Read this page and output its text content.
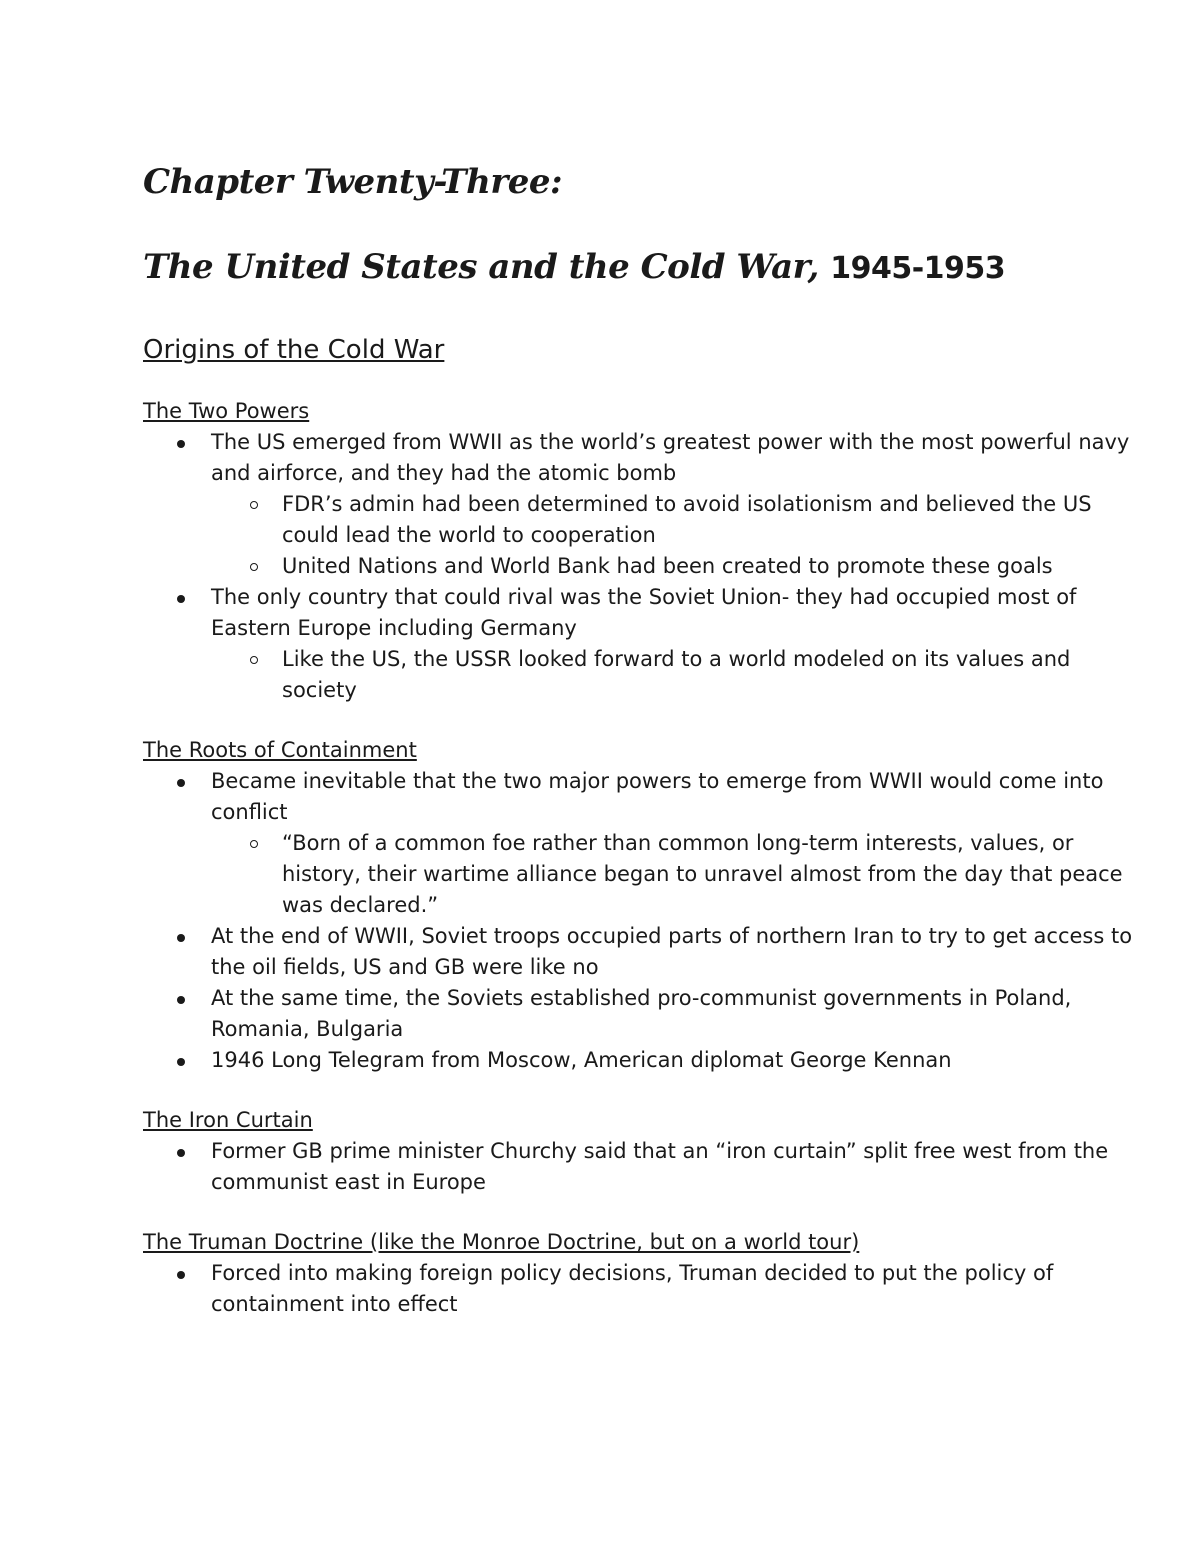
Chapter Twenty-Three:
The United States and the Cold War, 1945-1953
Origins of the Cold War
The Two Powers
The US emerged from WWII as the world’s greatest power with the most powerful navy and airforce, and they had the atomic bomb
FDR’s admin had been determined to avoid isolationism and believed the US could lead the world to cooperation
United Nations and World Bank had been created to promote these goals
The only country that could rival was the Soviet Union- they had occupied most of Eastern Europe including Germany
Like the US, the USSR looked forward to a world modeled on its values and society
The Roots of Containment
Became inevitable that the two major powers to emerge from WWII would come into conflict
“Born of a common foe rather than common long-term interests, values, or history, their wartime alliance began to unravel almost from the day that peace was declared.”
At the end of WWII, Soviet troops occupied parts of northern Iran to try to get access to the oil fields, US and GB were like no
At the same time, the Soviets established pro-communist governments in Poland, Romania, Bulgaria
1946 Long Telegram from Moscow, American diplomat George Kennan
The Iron Curtain
Former GB prime minister Churchy said that an “iron curtain” split free west from the communist east in Europe
The Truman Doctrine (like the Monroe Doctrine, but on a world tour)
Forced into making foreign policy decisions, Truman decided to put the policy of containment into effect
